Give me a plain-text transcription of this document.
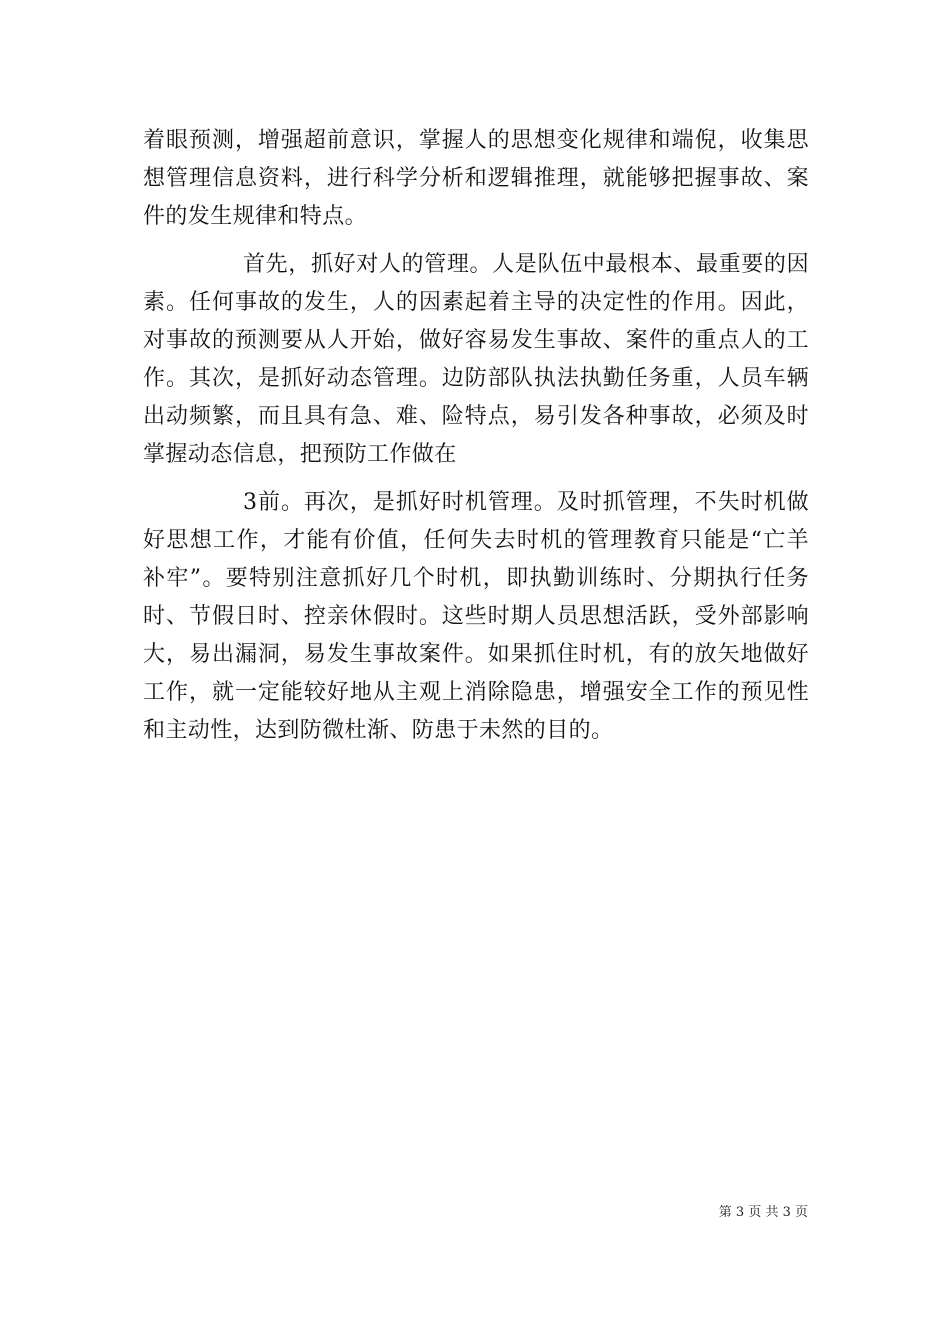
着眼预测，增强超前意识，掌握人的思想变化规律和端倪，收集思
想管理信息资料，进行科学分析和逻辑推理，就能够把握事故、案
件的发生规律和特点。
首先，抓好对人的管理。人是队伍中最根本、最重要的因
素。任何事故的发生，人的因素起着主导的决定性的作用。因此，
对事故的预测要从人开始，做好容易发生事故、案件的重点人的工
作。其次，是抓好动态管理。边防部队执法执勤任务重，人员车辆
出动频繁，而且具有急、难、险特点，易引发各种事故，必须及时
掌握动态信息，把预防工作做在
3前。再次，是抓好时机管理。及时抓管理，不失时机做
好思想工作，才能有价值，任何失去时机的管理教育只能是“亡羊
补牢”。要特别注意抓好几个时机，即执勤训练时、分期执行任务
时、节假日时、控亲休假时。这些时期人员思想活跃，受外部影响
大，易出漏洞，易发生事故案件。如果抓住时机，有的放矢地做好
工作，就一定能较好地从主观上消除隐患，增强安全工作的预见性
和主动性，达到防微杜渐、防患于未然的目的。
第 3 页 共 3 页
